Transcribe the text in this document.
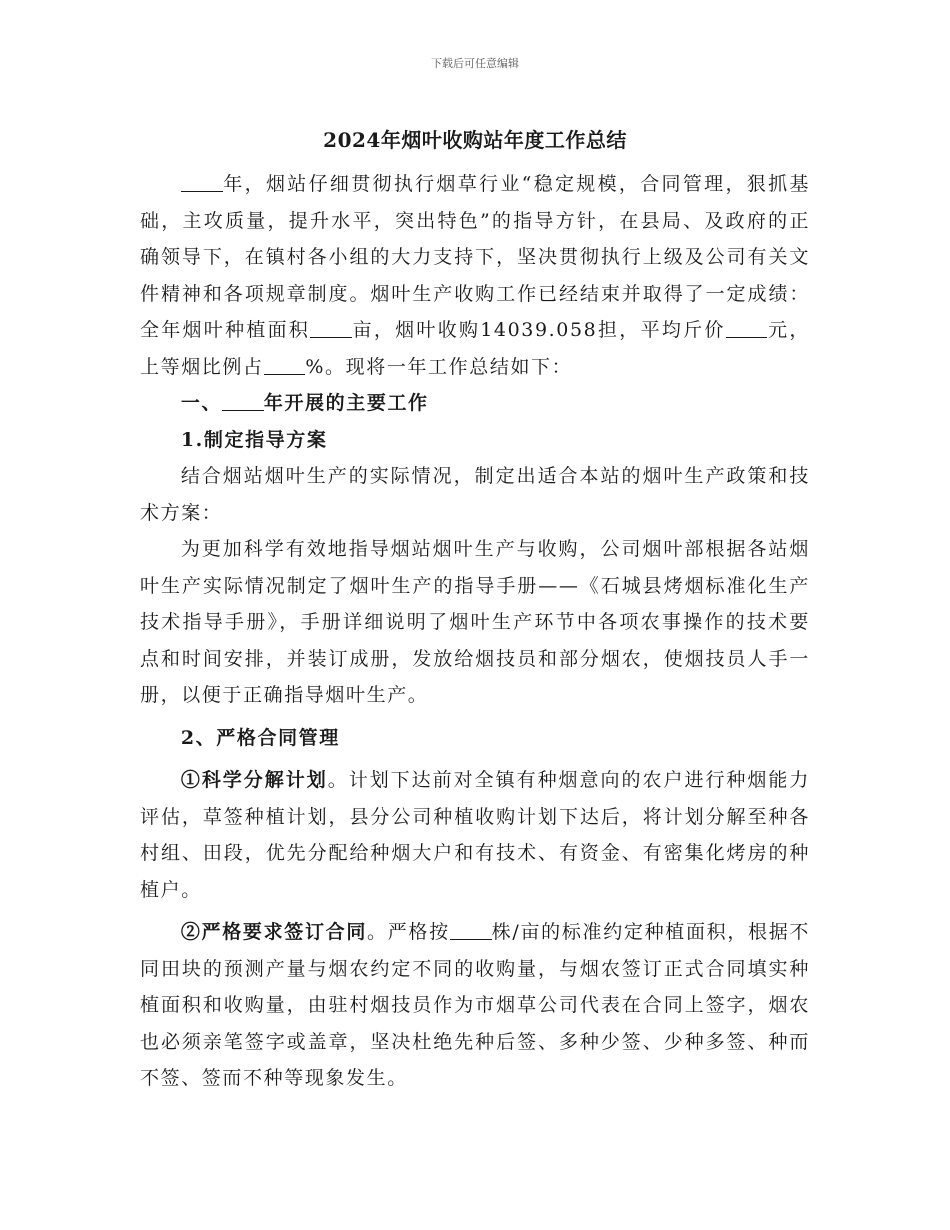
下载后可任意编辑
2024年烟叶收购站年度工作总结

年，烟站仔细贯彻执行烟草行业“稳定规模，合同管理，狠抓基础，主攻质量，提升水平，突出特色”的指导方针，在县局、及政府的正确领导下，在镇村各小组的大力支持下，坚决贯彻执行上级及公司有关文件精神和各项规章制度。烟叶生产收购工作已经结束并取得了一定成绩：全年烟叶种植面积 亩，烟叶收购14039.058担，平均斤价 元，上等烟比例占 %。现将一年工作总结如下：

一、 年开展的主要工作

1.制定指导方案

结合烟站烟叶生产的实际情况，制定出适合本站的烟叶生产政策和技术方案：

为更加科学有效地指导烟站烟叶生产与收购，公司烟叶部根据各站烟叶生产实际情况制定了烟叶生产的指导手册——《石城县烤烟标准化生产技术指导手册》，手册详细说明了烟叶生产环节中各项农事操作的技术要点和时间安排，并装订成册，发放给烟技员和部分烟农，使烟技员人手一册，以便于正确指导烟叶生产。

2、严格合同管理

①科学分解计划。计划下达前对全镇有种烟意向的农户进行种烟能力评估，草签种植计划，县分公司种植收购计划下达后，将计划分解至种各村组、田段，优先分配给种烟大户和有技术、有资金、有密集化烤房的种植户。

②严格要求签订合同。严格按 株/亩的标准约定种植面积，根据不同田块的预测产量与烟农约定不同的收购量，与烟农签订正式合同填实种植面积和收购量，由驻村烟技员作为市烟草公司代表在合同上签字，烟农也必须亲笔签字或盖章，坚决杜绝先种后签、多种少签、少种多签、种而不签、签而不种等现象发生。
